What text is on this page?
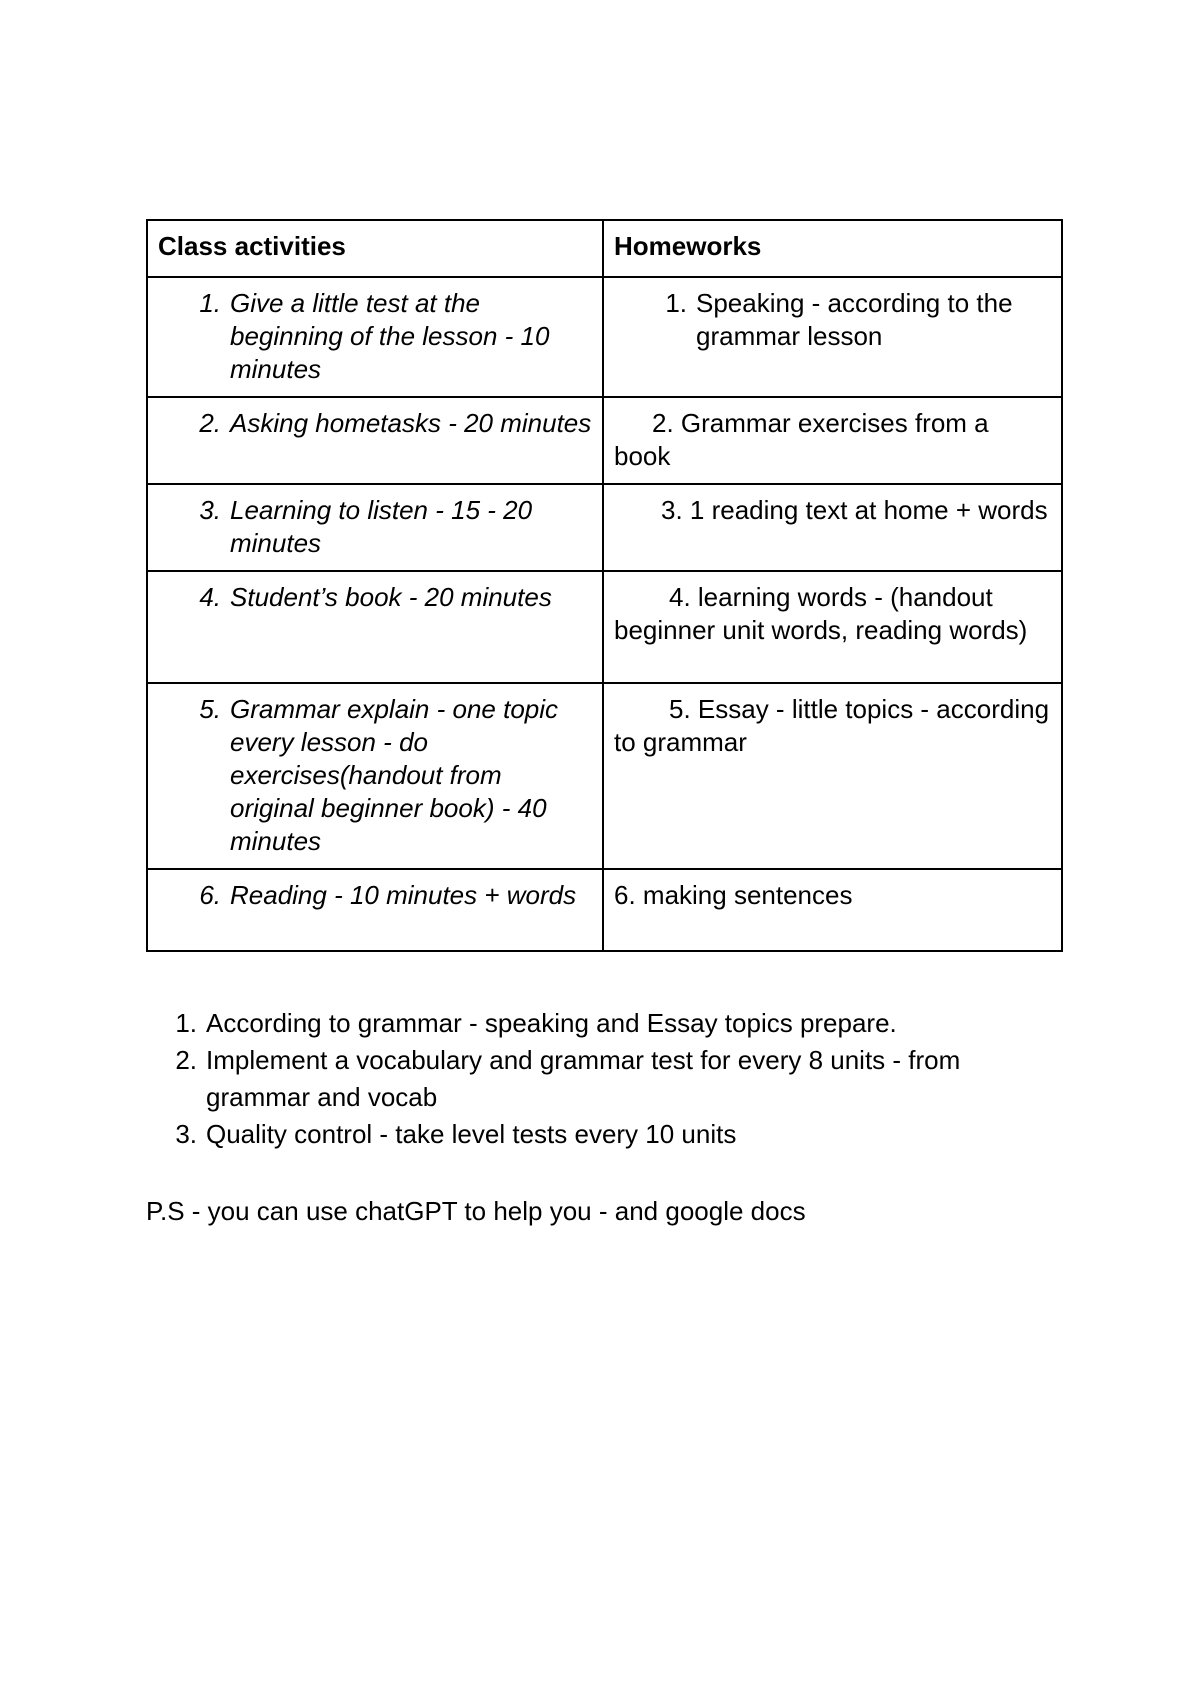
Class activities	Homeworks

1. Give a little test at the beginning of the lesson - 10 minutes	1. Speaking - according to the grammar lesson

2. Asking hometasks - 20 minutes	2. Grammar exercises from a book

3. Learning to listen - 15 - 20 minutes	3. 1 reading text at home + words

4. Student’s book - 20 minutes	4. learning words - (handout beginner unit words, reading words)

5. Grammar explain - one topic every lesson - do exercises(handout from original beginner book) - 40 minutes	5. Essay - little topics - according to grammar

6. Reading - 10 minutes + words	6. making sentences
1. According to grammar - speaking and Essay topics prepare.
2. Implement a vocabulary and grammar test for every 8 units - from grammar and vocab
3. Quality control - take level tests every 10 units

P.S - you can use chatGPT to help you - and google docs
